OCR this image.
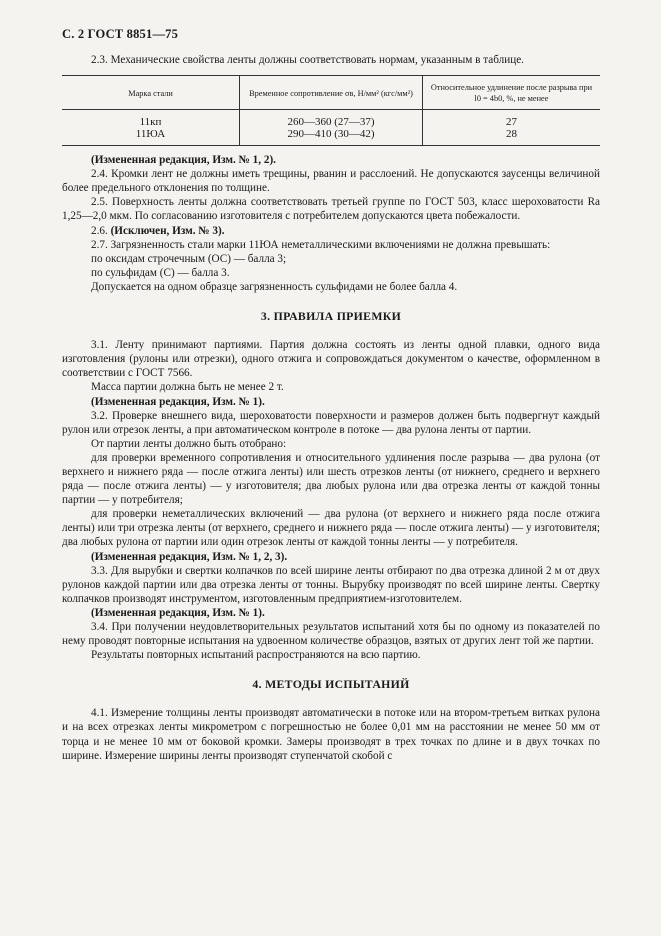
С. 2 ГОСТ 8851—75

2.3. Механические свойства ленты должны соответствовать нормам, указанным в таблице.

Марка стали	Временное сопротивление σв, Н/мм² (кгс/мм²)	Относительное удлинение после разрыва при l0 = 4b0, %, не менее
11кп	260—360 (27—37)	27
11ЮА	290—410 (30—42)	28

(Измененная редакция, Изм. № 1, 2).

2.4. Кромки лент не должны иметь трещины, рванин и расслоений. Не допускаются заусенцы величиной более предельного отклонения по толщине.

2.5. Поверхность ленты должна соответствовать третьей группе по ГОСТ 503, класс шероховатости Ra 1,25—2,0 мкм. По согласованию изготовителя с потребителем допускаются цвета побежалости.

2.6. (Исключен, Изм. № 3).

2.7. Загрязненность стали марки 11ЮА неметаллическими включениями не должна превышать:

по оксидам строчечным (ОС) — балла 3;

по сульфидам (С) — балла 3.

Допускается на одном образце загрязненность сульфидами не более балла 4.

3. ПРАВИЛА ПРИЕМКИ

3.1. Ленту принимают партиями. Партия должна состоять из ленты одной плавки, одного вида изготовления (рулоны или отрезки), одного отжига и сопровождаться документом о качестве, оформленном в соответствии с ГОСТ 7566.

Масса партии должна быть не менее 2 т.

(Измененная редакция, Изм. № 1).

3.2. Проверке внешнего вида, шероховатости поверхности и размеров должен быть подвергнут каждый рулон или отрезок ленты, а при автоматическом контроле в потоке — два рулона ленты от партии.

От партии ленты должно быть отобрано:

для проверки временного сопротивления и относительного удлинения после разрыва — два рулона (от верхнего и нижнего ряда — после отжига ленты) или шесть отрезков ленты (от нижнего, среднего и верхнего ряда — после отжига ленты) — у изготовителя; два любых рулона или два отрезка ленты от каждой тонны партии — у потребителя;

для проверки неметаллических включений — два рулона (от верхнего и нижнего ряда после отжига ленты) или три отрезка ленты (от верхнего, среднего и нижнего ряда — после отжига ленты) — у изготовителя; два любых рулона от партии или один отрезок ленты от каждой тонны ленты — у потребителя.

(Измененная редакция, Изм. № 1, 2, 3).

3.3. Для вырубки и свертки колпачков по всей ширине ленты отбирают по два отрезка длиной 2 м от двух рулонов каждой партии или два отрезка ленты от тонны. Вырубку производят по всей ширине ленты. Свертку колпачков производят инструментом, изготовленным предприятием-изготовителем.

(Измененная редакция, Изм. № 1).

3.4. При получении неудовлетворительных результатов испытаний хотя бы по одному из показателей по нему проводят повторные испытания на удвоенном количестве образцов, взятых от других лент той же партии.

Результаты повторных испытаний распространяются на всю партию.

4. МЕТОДЫ ИСПЫТАНИЙ

4.1. Измерение толщины ленты производят автоматически в потоке или на втором-третьем витках рулона и на всех отрезках ленты микрометром с погрешностью не более 0,01 мм на расстоянии не менее 50 мм от торца и не менее 10 мм от боковой кромки. Замеры производят в трех точках по длине и в двух точках по ширине. Измерение ширины ленты производят ступенчатой скобой с
